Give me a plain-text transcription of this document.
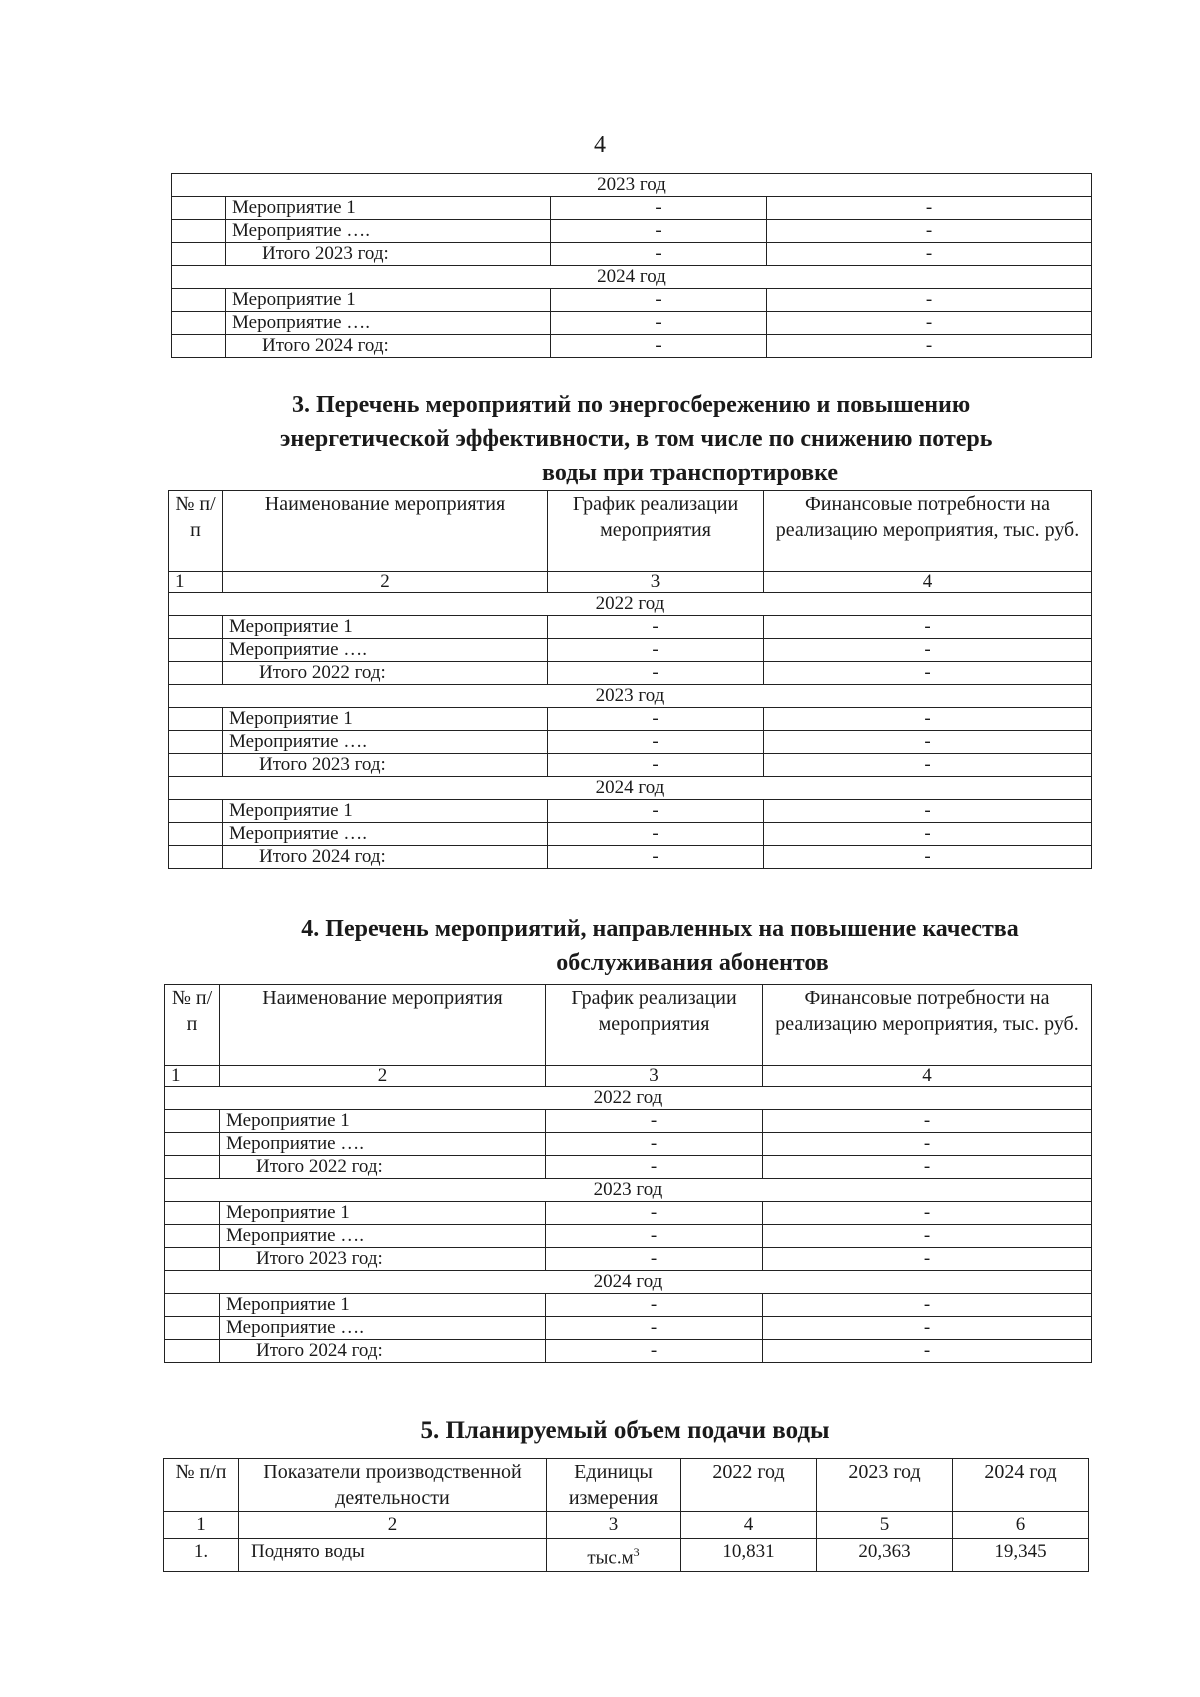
4
2023 год			
	Мероприятие 1	-	-
	Мероприятие ….	-	-
	Итого 2023 год:	-	-
2024 год			
	Мероприятие 1	-	-
	Мероприятие ….	-	-
	Итого 2024 год:	-	-
3. Перечень мероприятий по энергосбережению и повышению
энергетической эффективности, в том числе по снижению потерь
воды при транспортировке
№ п/п	Наименование мероприятия	График реализации мероприятия	Финансовые потребности на реализацию мероприятия, тыс. руб.
1	2	3	4
2022 год			
	Мероприятие 1	-	-
	Мероприятие ….	-	-
	Итого 2022 год:	-	-
2023 год			
	Мероприятие 1	-	-
	Мероприятие ….	-	-
	Итого 2023 год:	-	-
2024 год			
	Мероприятие 1	-	-
	Мероприятие ….	-	-
	Итого 2024 год:	-	-
4. Перечень мероприятий, направленных на повышение качества
обслуживания абонентов
№ п/п	Наименование мероприятия	График реализации мероприятия	Финансовые потребности на реализацию мероприятия, тыс. руб.
1	2	3	4
2022 год			
	Мероприятие 1	-	-
	Мероприятие ….	-	-
	Итого 2022 год:	-	-
2023 год			
	Мероприятие 1	-	-
	Мероприятие ….	-	-
	Итого 2023 год:	-	-
2024 год			
	Мероприятие 1	-	-
	Мероприятие ….	-	-
	Итого 2024 год:	-	-
5. Планируемый объем подачи воды
№ п/п	Показатели производственной деятельности	Единицы измерения	2022 год	2023 год	2024 год
1	2	3	4	5	6
1.	Поднято воды	$тыс.м^3$	10,831	20,363	19,345
